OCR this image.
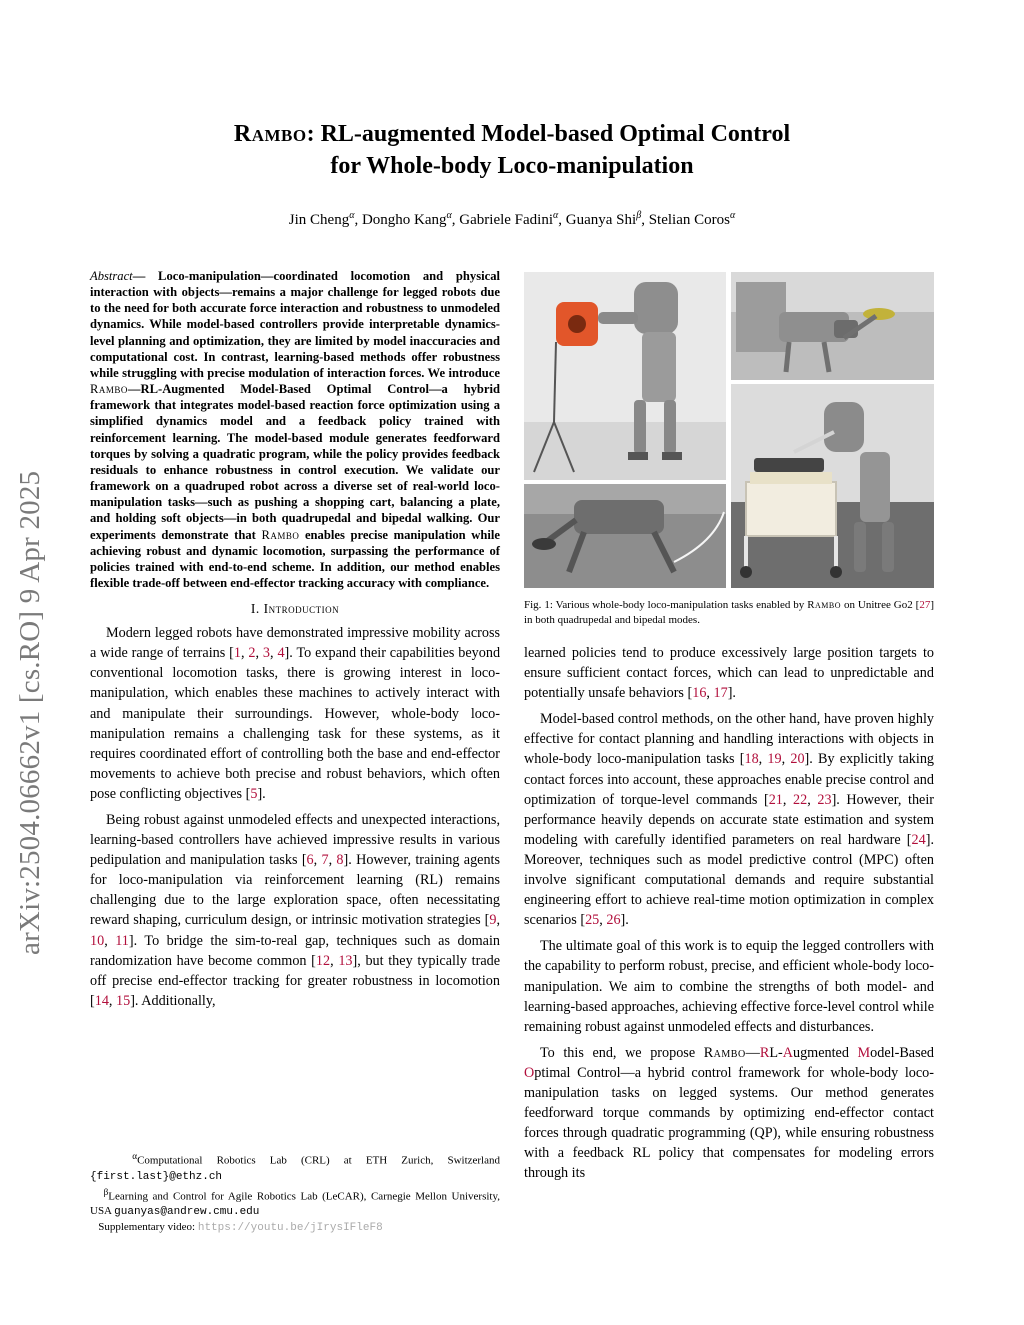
arXiv:2504.06662v1 [cs.RO] 9 Apr 2025
Rambo: RL-augmented Model-based Optimal Control
for Whole-body Loco-manipulation
Jin Cheng$^\alpha$, Dongho Kang$^\alpha$, Gabriele Fadini$^\alpha$, Guanya Shi$^\beta$, Stelian Coros$^\alpha$
Abstract— Loco-manipulation—coordinated locomotion and physical interaction with objects—remains a major challenge for legged robots due to the need for both accurate force interaction and robustness to unmodeled dynamics. While model-based controllers provide interpretable dynamics-level planning and optimization, they are limited by model inaccuracies and computational cost. In contrast, learning-based methods offer robustness while struggling with precise modulation of interaction forces. We introduce Rambo—RL-Augmented Model-Based Optimal Control—a hybrid framework that integrates model-based reaction force optimization using a simplified dynamics model and a feedback policy trained with reinforcement learning. The model-based module generates feedforward torques by solving a quadratic program, while the policy provides feedback residuals to enhance robustness in control execution. We validate our framework on a quadruped robot across a diverse set of real-world loco-manipulation tasks—such as pushing a shopping cart, balancing a plate, and holding soft objects—in both quadrupedal and bipedal walking. Our experiments demonstrate that Rambo enables precise manipulation while achieving robust and dynamic locomotion, surpassing the performance of policies trained with end-to-end scheme. In addition, our method enables flexible trade-off between end-effector tracking accuracy with compliance.
I. Introduction

Modern legged robots have demonstrated impressive mobility across a wide range of terrains [1, 2, 3, 4]. To expand their capabilities beyond conventional locomotion tasks, there is growing interest in loco-manipulation, which enables these machines to actively interact with and manipulate their surroundings. However, whole-body loco-manipulation remains a challenging task for these systems, as it requires coordinated effort of controlling both the base and end-effector movements to achieve both precise and robust behaviors, which often pose conflicting objectives [5].

Being robust against unmodeled effects and unexpected interactions, learning-based controllers have achieved impressive results in various pedipulation and manipulation tasks [6, 7, 8]. However, training agents for loco-manipulation via reinforcement learning (RL) remains challenging due to the large exploration space, often necessitating reward shaping, curriculum design, or intrinsic motivation strategies [9, 10, 11]. To bridge the sim-to-real gap, techniques such as domain randomization have become common [12, 13], but they typically trade off precise end-effector tracking for greater robustness in locomotion [14, 15]. Additionally,

$^\alpha$Computational Robotics Lab (CRL) at ETH Zurich, Switzerland {first.last}@ethz.ch
$^\beta$Learning and Control for Agile Robotics Lab (LeCAR), Carnegie Mellon University, USA guanyas@andrew.cmu.edu
Supplementary video: https://youtu.be/jIrysIFleF8
Fig. 1: Various whole-body loco-manipulation tasks enabled by Rambo on Unitree Go2 [27] in both quadrupedal and bipedal modes.

learned policies tend to produce excessively large position targets to ensure sufficient contact forces, which can lead to unpredictable and potentially unsafe behaviors [16, 17].

Model-based control methods, on the other hand, have proven highly effective for contact planning and handling interactions with objects in whole-body loco-manipulation tasks [18, 19, 20]. By explicitly taking contact forces into account, these approaches enable precise control and optimization of torque-level commands [21, 22, 23]. However, their performance heavily depends on accurate state estimation and system modeling with carefully identified parameters on real hardware [24]. Moreover, techniques such as model predictive control (MPC) often involve significant computational demands and require substantial engineering effort to achieve real-time motion optimization in complex scenarios [25, 26].

The ultimate goal of this work is to equip the legged controllers with the capability to perform robust, precise, and efficient whole-body loco-manipulation. We aim to combine the strengths of both model- and learning-based approaches, achieving effective force-level control while remaining robust against unmodeled effects and disturbances.

To this end, we propose Rambo—RL-Augmented Model-Based Optimal Control—a hybrid control framework for whole-body loco-manipulation tasks on legged systems. Our method generates feedforward torque commands by optimizing end-effector contact forces through quadratic programming (QP), while ensuring robustness with a feedback RL policy that compensates for modeling errors through its
